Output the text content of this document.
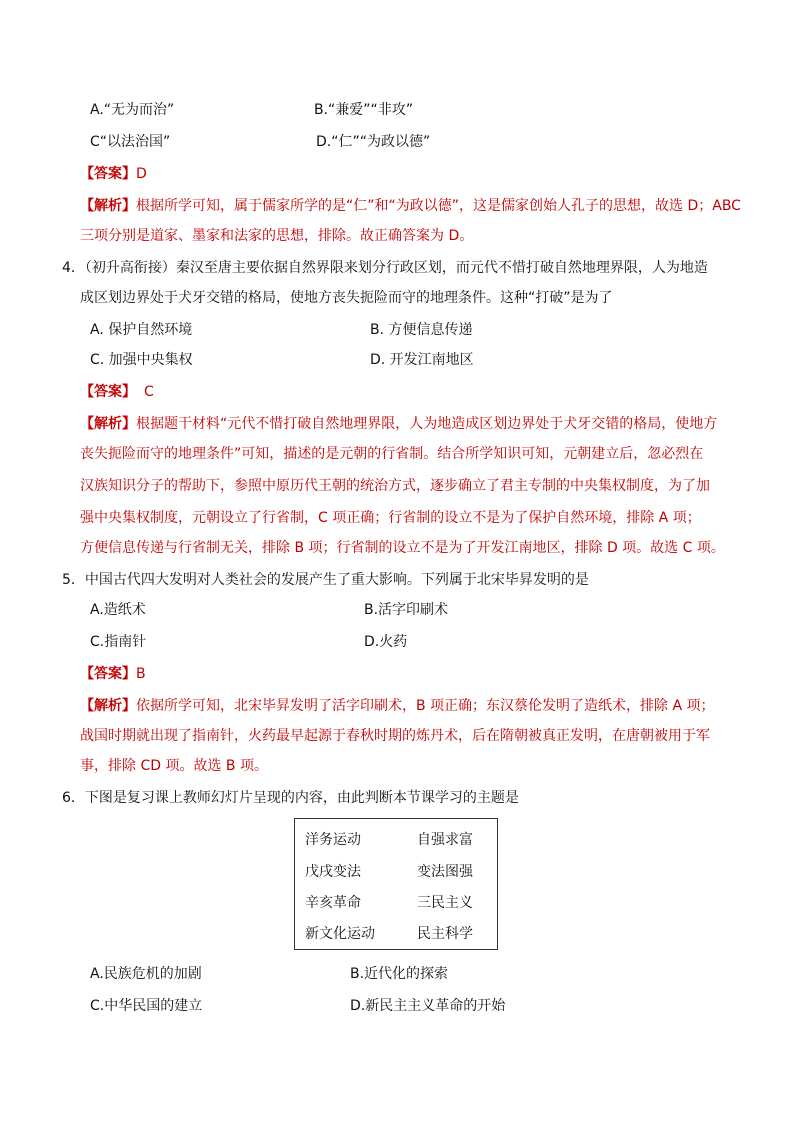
A.“无为而治”	B.“兼爱”“非攻”
C“以法治国”	D.“仁”“为政以德”
【答案】D
【解析】根据所学可知，属于儒家所学的是“仁”和“为政以德”，这是儒家创始人孔子的思想，故选 D；ABC
三项分别是道家、墨家和法家的思想，排除。故正确答案为 D。
4．（初升高衔接）秦汉至唐主要依据自然界限来划分行政区划，而元代不惜打破自然地理界限，人为地造
成区划边界处于犬牙交错的格局，使地方丧失扼险而守的地理条件。这种“打破”是为了
A. 保护自然环境	B. 方便信息传递
C. 加强中央集权	D. 开发江南地区
【答案】 C
【解析】根据题干材料“元代不惜打破自然地理界限，人为地造成区划边界处于犬牙交错的格局，使地方
丧失扼险而守的地理条件”可知，描述的是元朝的行省制。结合所学知识可知，元朝建立后，忽必烈在
汉族知识分子的帮助下，参照中原历代王朝的统治方式，逐步确立了君主专制的中央集权制度，为了加
强中央集权制度，元朝设立了行省制，C 项正确；行省制的设立不是为了保护自然环境，排除 A 项；
方便信息传递与行省制无关，排除 B 项；行省制的设立不是为了开发江南地区，排除 D 项。故选 C 项。
5．中国古代四大发明对人类社会的发展产生了重大影响。下列属于北宋毕昇发明的是
A.造纸术	B.活字印刷术
C.指南针	D.火药
【答案】B
【解析】依据所学可知，北宋毕昇发明了活字印刷术，B 项正确；东汉蔡伦发明了造纸术，排除 A 项；
战国时期就出现了指南针，火药最早起源于春秋时期的炼丹术，后在隋朝被真正发明，在唐朝被用于军
事，排除 CD 项。故选 B 项。
6．下图是复习课上教师幻灯片呈现的内容，由此判断本节课学习的主题是
洋务运动	自强求富
戊戌变法	变法图强
辛亥革命	三民主义
新文化运动	民主科学
A.民族危机的加剧	B.近代化的探索
C.中华民国的建立	D.新民主主义革命的开始
